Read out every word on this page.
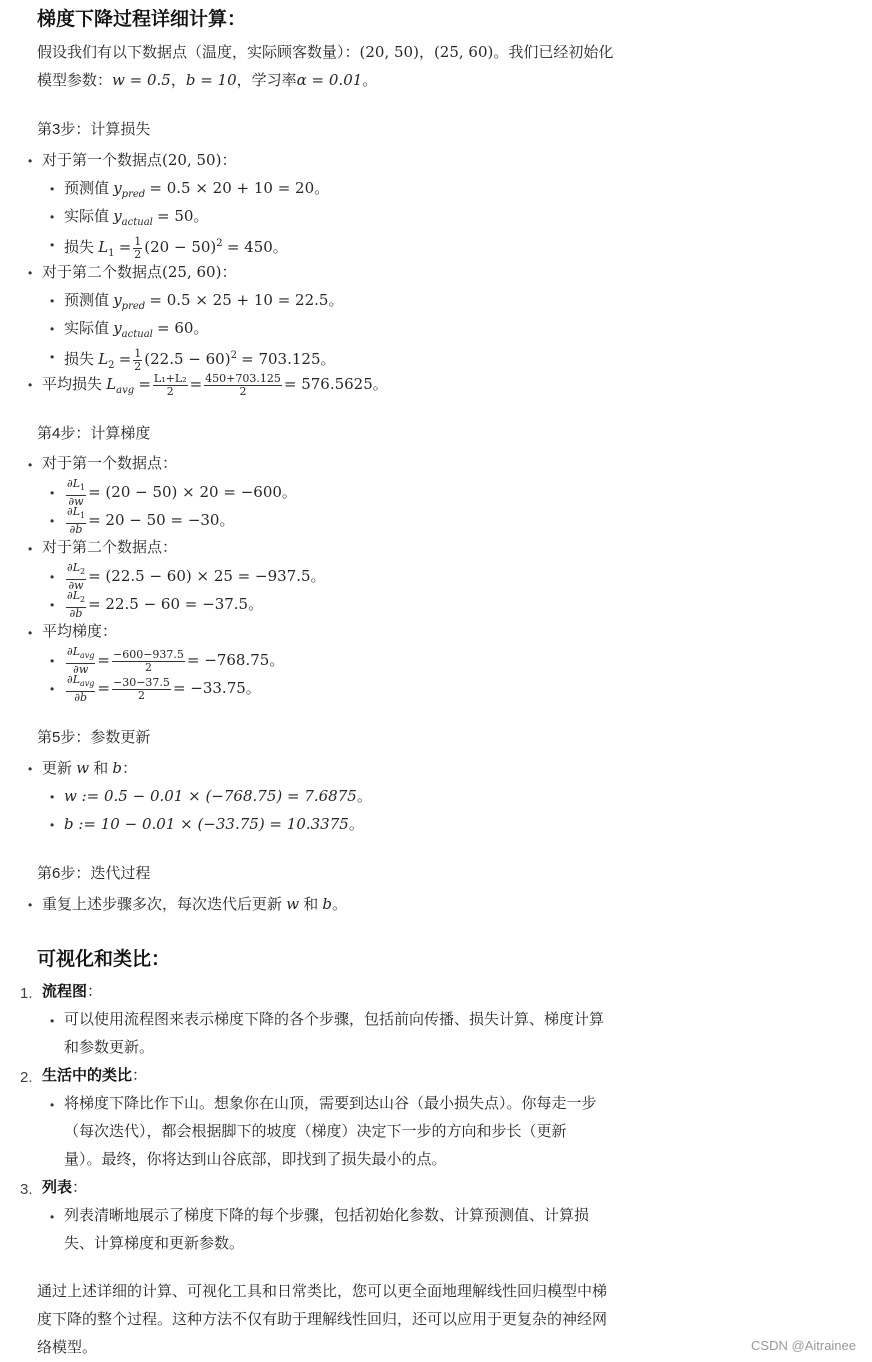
梯度下降过程详细计算：
假设我们有以下数据点（温度，实际顾客数量）：(20, 50)，(25, 60)。我们已经初始化
模型参数：w = 0.5，b = 10，学习率α = 0.01。
第3步：计算损失
• 对于第一个数据点(20, 50)：
• 预测值 $y_{pred} = 0.5 \times 20 + 10 = 20$。
• 实际值 $y_{actual} = 50$。
• 损失 $L_1 = \frac{1}{2} (20 - 50)^2 = 450$。
• 对于第二个数据点(25, 60)：
• 预测值 $y_{pred} = 0.5 \times 25 + 10 = 22.5$。
• 实际值 $y_{actual} = 60$。
• 损失 $L_2 = \frac{1}{2} (22.5 - 60)^2 = 703.125$。
• 平均损失 $L_{avg} = \frac{\text{L₁+L₂}}{2} = \frac{450+703.125}{2} = 576.5625$。
第4步：计算梯度
• 对于第一个数据点：
• $\frac{\partial L_1}{\partial w} = (20 - 50) \times 20 = -600$。
• $\frac{\partial L_1}{\partial b} = 20 - 50 = -30$。
• 对于第二个数据点：
• $\frac{\partial L_2}{\partial w} = (22.5 - 60) \times 25 = -937.5$。
• $\frac{\partial L_2}{\partial b} = 22.5 - 60 = -37.5$。
• 平均梯度：
• $\frac{\partial L_{avg}}{\partial w} = \frac{-600-937.5}{2} = -768.75$。
• $\frac{\partial L_{avg}}{\partial b} = \frac{-30-37.5}{2} = -33.75$。
第5步：参数更新
• 更新 w 和 b：
• w := 0.5 − 0.01 × (−768.75) = 7.6875。
• b := 10 − 0.01 × (−33.75) = 10.3375。
第6步：迭代过程
• 重复上述步骤多次，每次迭代后更新 w 和 b。
可视化和类比：
1. 流程图：
• 可以使用流程图来表示梯度下降的各个步骤，包括前向传播、损失计算、梯度计算
和参数更新。
2. 生活中的类比：
• 将梯度下降比作下山。想象你在山顶，需要到达山谷（最小损失点）。你每走一步
（每次迭代），都会根据脚下的坡度（梯度）决定下一步的方向和步长（更新
量）。最终，你将达到山谷底部，即找到了损失最小的点。
3. 列表：
• 列表清晰地展示了梯度下降的每个步骤，包括初始化参数、计算预测值、计算损
失、计算梯度和更新参数。
通过上述详细的计算、可视化工具和日常类比，您可以更全面地理解线性回归模型中梯
度下降的整个过程。这种方法不仅有助于理解线性回归，还可以应用于更复杂的神经网
络模型。	CSDN @Aitrainee
